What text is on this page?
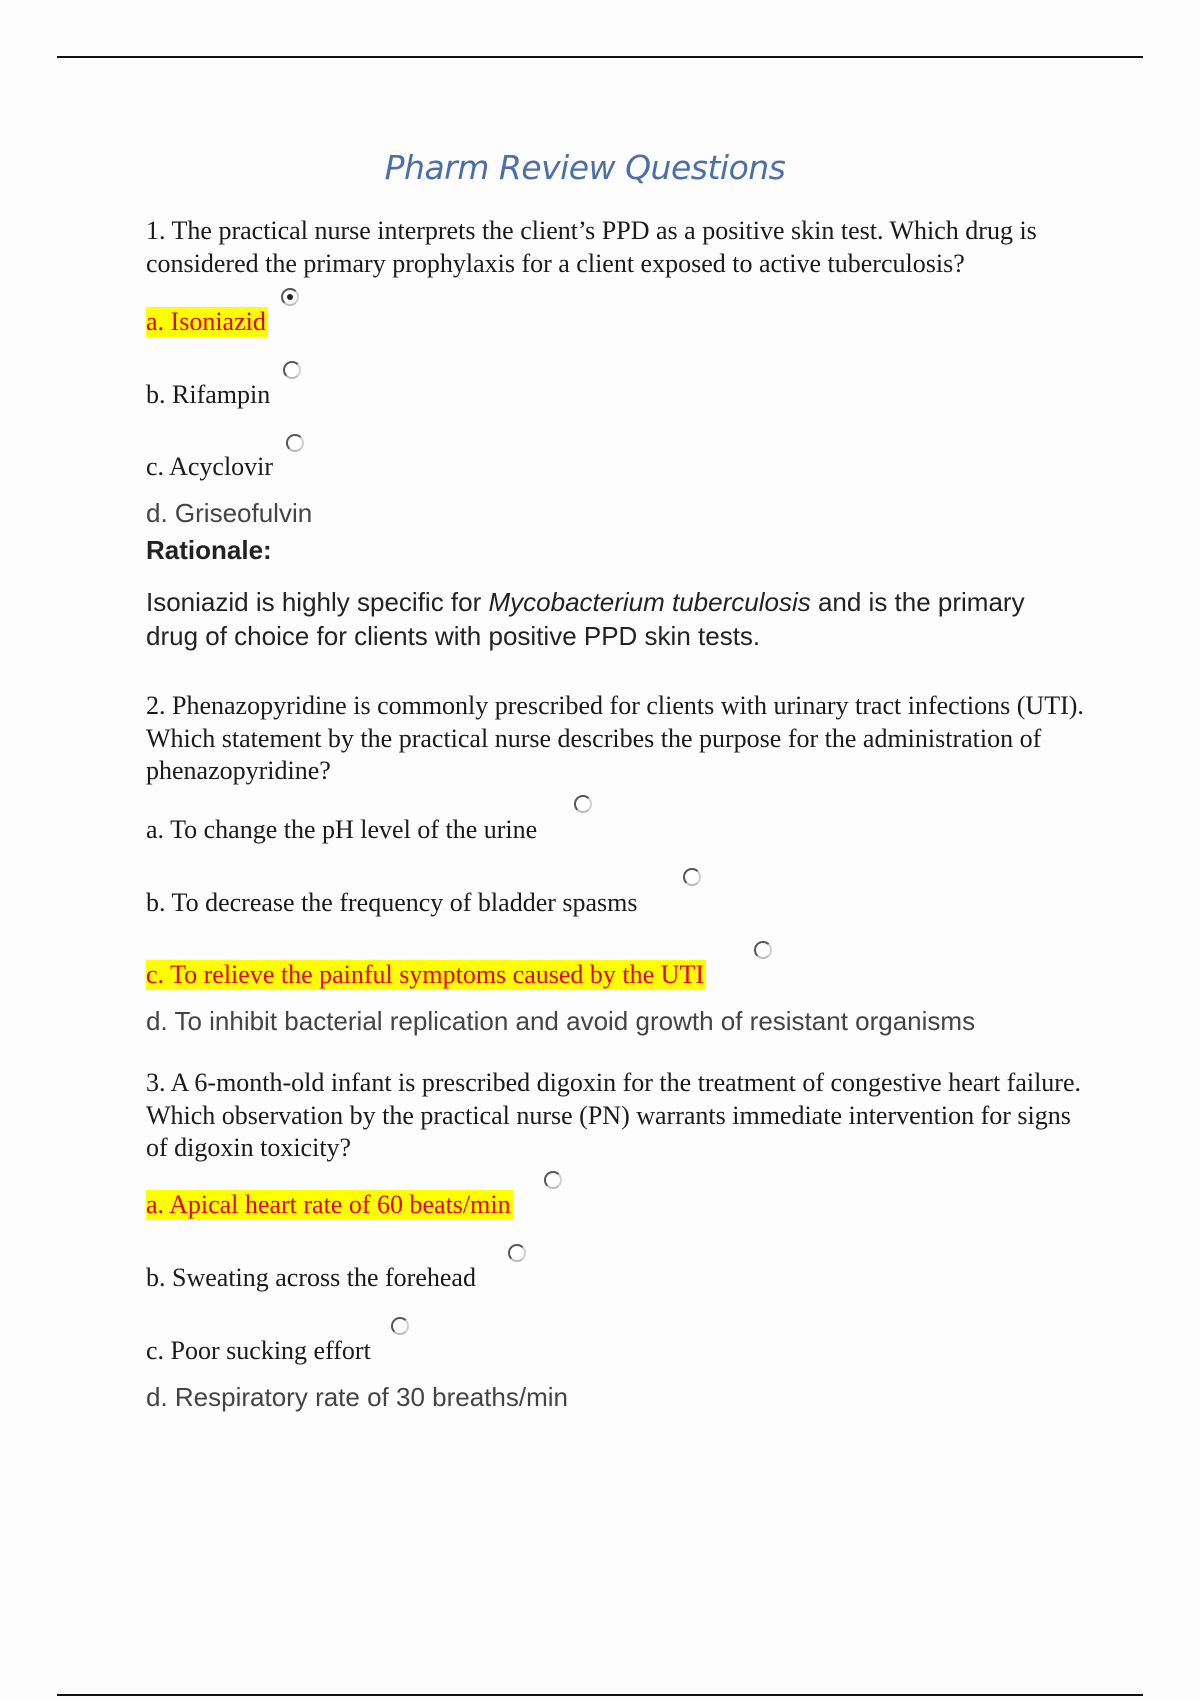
Pharm Review Questions

1. The practical nurse interprets the client’s PPD as a positive skin test. Which drug is considered the primary prophylaxis for a client exposed to active tuberculosis?

a. Isoniazid
b. Rifampin
c. Acyclovir
d. Griseofulvin

Rationale:

Isoniazid is highly specific for Mycobacterium tuberculosis and is the primary drug of choice for clients with positive PPD skin tests.

2. Phenazopyridine is commonly prescribed for clients with urinary tract infections (UTI). Which statement by the practical nurse describes the purpose for the administration of phenazopyridine?

a. To change the pH level of the urine
b. To decrease the frequency of bladder spasms
c. To relieve the painful symptoms caused by the UTI
d. To inhibit bacterial replication and avoid growth of resistant organisms

3. A 6-month-old infant is prescribed digoxin for the treatment of congestive heart failure. Which observation by the practical nurse (PN) warrants immediate intervention for signs of digoxin toxicity?

a. Apical heart rate of 60 beats/min
b. Sweating across the forehead
c. Poor sucking effort
d. Respiratory rate of 30 breaths/min
